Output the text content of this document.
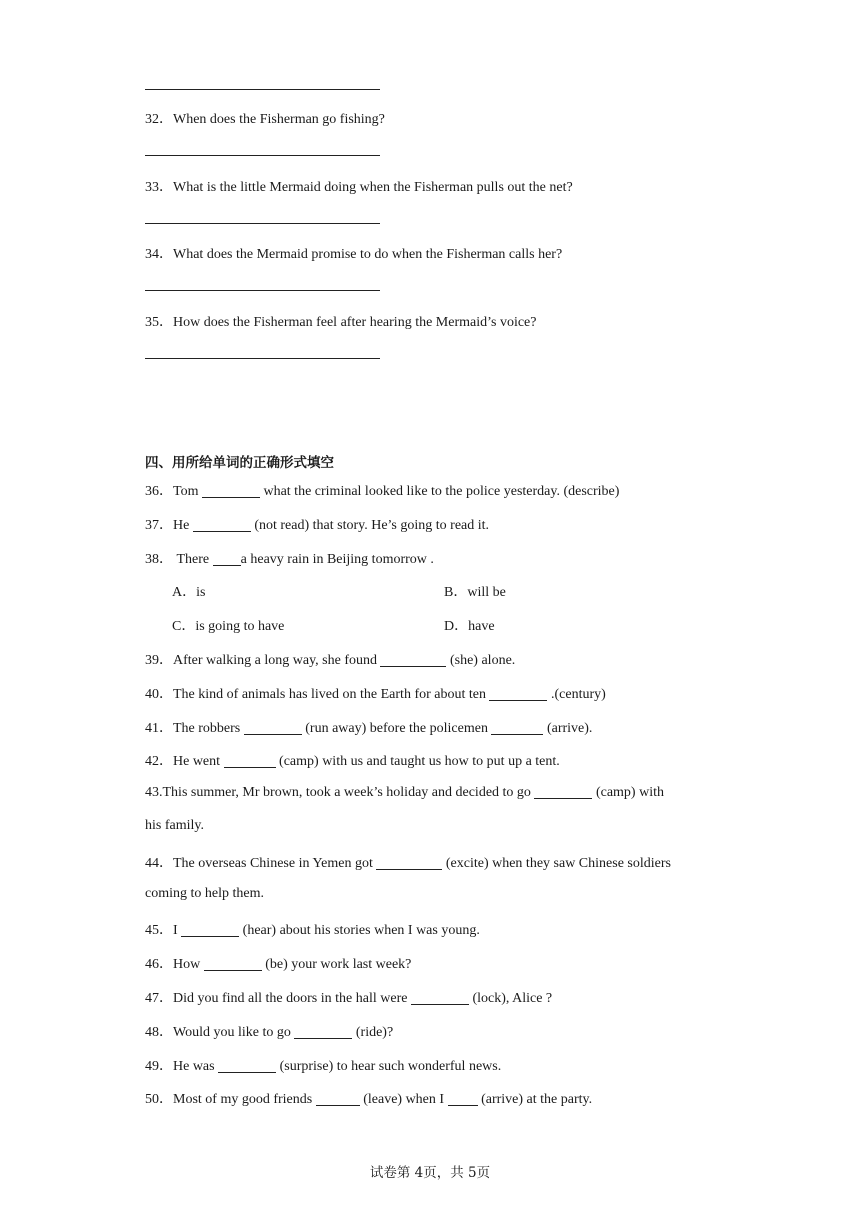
32．When does the Fisherman go fishing?
33．What is the little Mermaid doing when the Fisherman pulls out the net?
34．What does the Mermaid promise to do when the Fisherman calls her?
35．How does the Fisherman feel after hearing the Mermaid’s voice?
四、用所给单词的正确形式填空
36．Tom	what the criminal looked like to the police yesterday. (describe)
37．He	(not read) that story. He’s going to read it.
38． There a heavy rain in Beijing tomorrow .
A．is	B．will be
C．is going to have	D．have
39．After walking a long way, she found	(she) alone.
40．The kind of animals has lived on the Earth for about ten	.(century)
41．The robbers	(run away) before the policemen	(arrive).
42．He went	(camp) with us and taught us how to put up a tent.
43.This summer, Mr brown, took a week’s holiday and decided to go	(camp) with
his family.
44．The overseas Chinese in Yemen got	(excite) when they saw Chinese soldiers
coming to help them.
45．I	(hear) about his stories when I was young.
46．How	(be) your work last week?
47．Did you find all the doors in the hall were	(lock), Alice ?
48．Would you like to go	(ride)?
49．He was	(surprise) to hear such wonderful news.
50．Most of my good friends	(leave) when I	(arrive) at the party.
试卷第 4页，共 5页
